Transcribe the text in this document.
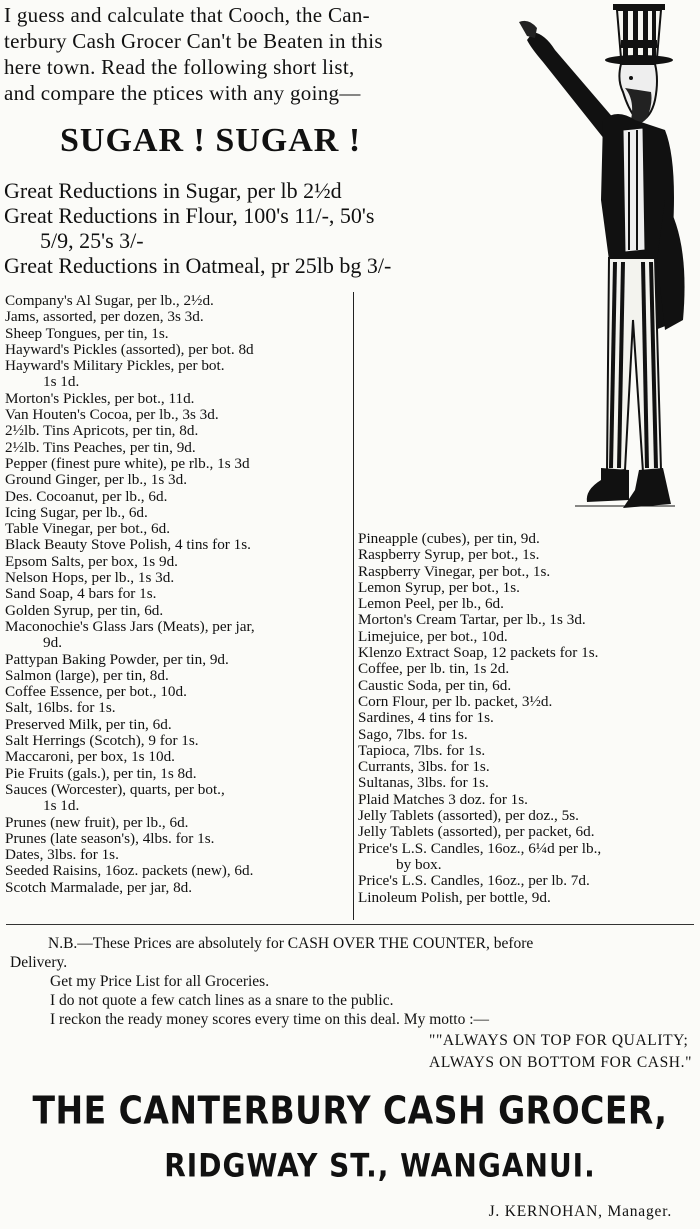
I guess and calculate that Cooch, the Can-
terbury Cash Grocer Can't be Beaten in this
here town. Read the following short list,
and compare the ptices with any going—
SUGAR ! SUGAR !
Great Reductions in Sugar, per lb 2½d
Great Reductions in Flour, 100's 11/-, 50's
5/9, 25's 3/-
Great Reductions in Oatmeal, pr 25lb bg 3/-
Company's Al Sugar, per lb., 2½d.
Jams, assorted, per dozen, 3s 3d.
Sheep Tongues, per tin, 1s.
Hayward's Pickles (assorted), per bot. 8d
Hayward's Military Pickles, per bot.
1s 1d.
Morton's Pickles, per bot., 11d.
Van Houten's Cocoa, per lb., 3s 3d.
2½lb. Tins Apricots, per tin, 8d.
2½lb. Tins Peaches, per tin, 9d.
Pepper (finest pure white), pe rlb., 1s 3d
Ground Ginger, per lb., 1s 3d.
Des. Cocoanut, per lb., 6d.
Icing Sugar, per lb., 6d.
Table Vinegar, per bot., 6d.
Black Beauty Stove Polish, 4 tins for 1s.
Epsom Salts, per box, 1s 9d.
Nelson Hops, per lb., 1s 3d.
Sand Soap, 4 bars for 1s.
Golden Syrup, per tin, 6d.
Maconochie's Glass Jars (Meats), per jar,
9d.
Pattypan Baking Powder, per tin, 9d.
Salmon (large), per tin, 8d.
Coffee Essence, per bot., 10d.
Salt, 16lbs. for 1s.
Preserved Milk, per tin, 6d.
Salt Herrings (Scotch), 9 for 1s.
Maccaroni, per box, 1s 10d.
Pie Fruits (gals.), per tin, 1s 8d.
Sauces (Worcester), quarts, per bot.,
1s 1d.
Prunes (new fruit), per lb., 6d.
Prunes (late season's), 4lbs. for 1s.
Dates, 3lbs. for 1s.
Seeded Raisins, 16oz. packets (new), 6d.
Scotch Marmalade, per jar, 8d.
Pineapple (cubes), per tin, 9d.
Raspberry Syrup, per bot., 1s.
Raspberry Vinegar, per bot., 1s.
Lemon Syrup, per bot., 1s.
Lemon Peel, per lb., 6d.
Morton's Cream Tartar, per lb., 1s 3d.
Limejuice, per bot., 10d.
Klenzo Extract Soap, 12 packets for 1s.
Coffee, per lb. tin, 1s 2d.
Caustic Soda, per tin, 6d.
Corn Flour, per lb. packet, 3½d.
Sardines, 4 tins for 1s.
Sago, 7lbs. for 1s.
Tapioca, 7lbs. for 1s.
Currants, 3lbs. for 1s.
Sultanas, 3lbs. for 1s.
Plaid Matches 3 doz. for 1s.
Jelly Tablets (assorted), per doz., 5s.
Jelly Tablets (assorted), per packet, 6d.
Price's L.S. Candles, 16oz., 6¼d per lb.,
by box.
Price's L.S. Candles, 16oz., per lb. 7d.
Linoleum Polish, per bottle, 9d.
N.B.—These Prices are absolutely for CASH OVER THE COUNTER, before
Delivery.
Get my Price List for all Groceries.
I do not quote a few catch lines as a snare to the public.
I reckon the ready money scores every time on this deal. My motto :—
""ALWAYS ON TOP FOR QUALITY;
ALWAYS ON BOTTOM FOR CASH."
THE CANTERBURY CASH GROCER,
RIDGWAY ST., WANGANUI.
J. KERNOHAN, Manager.
